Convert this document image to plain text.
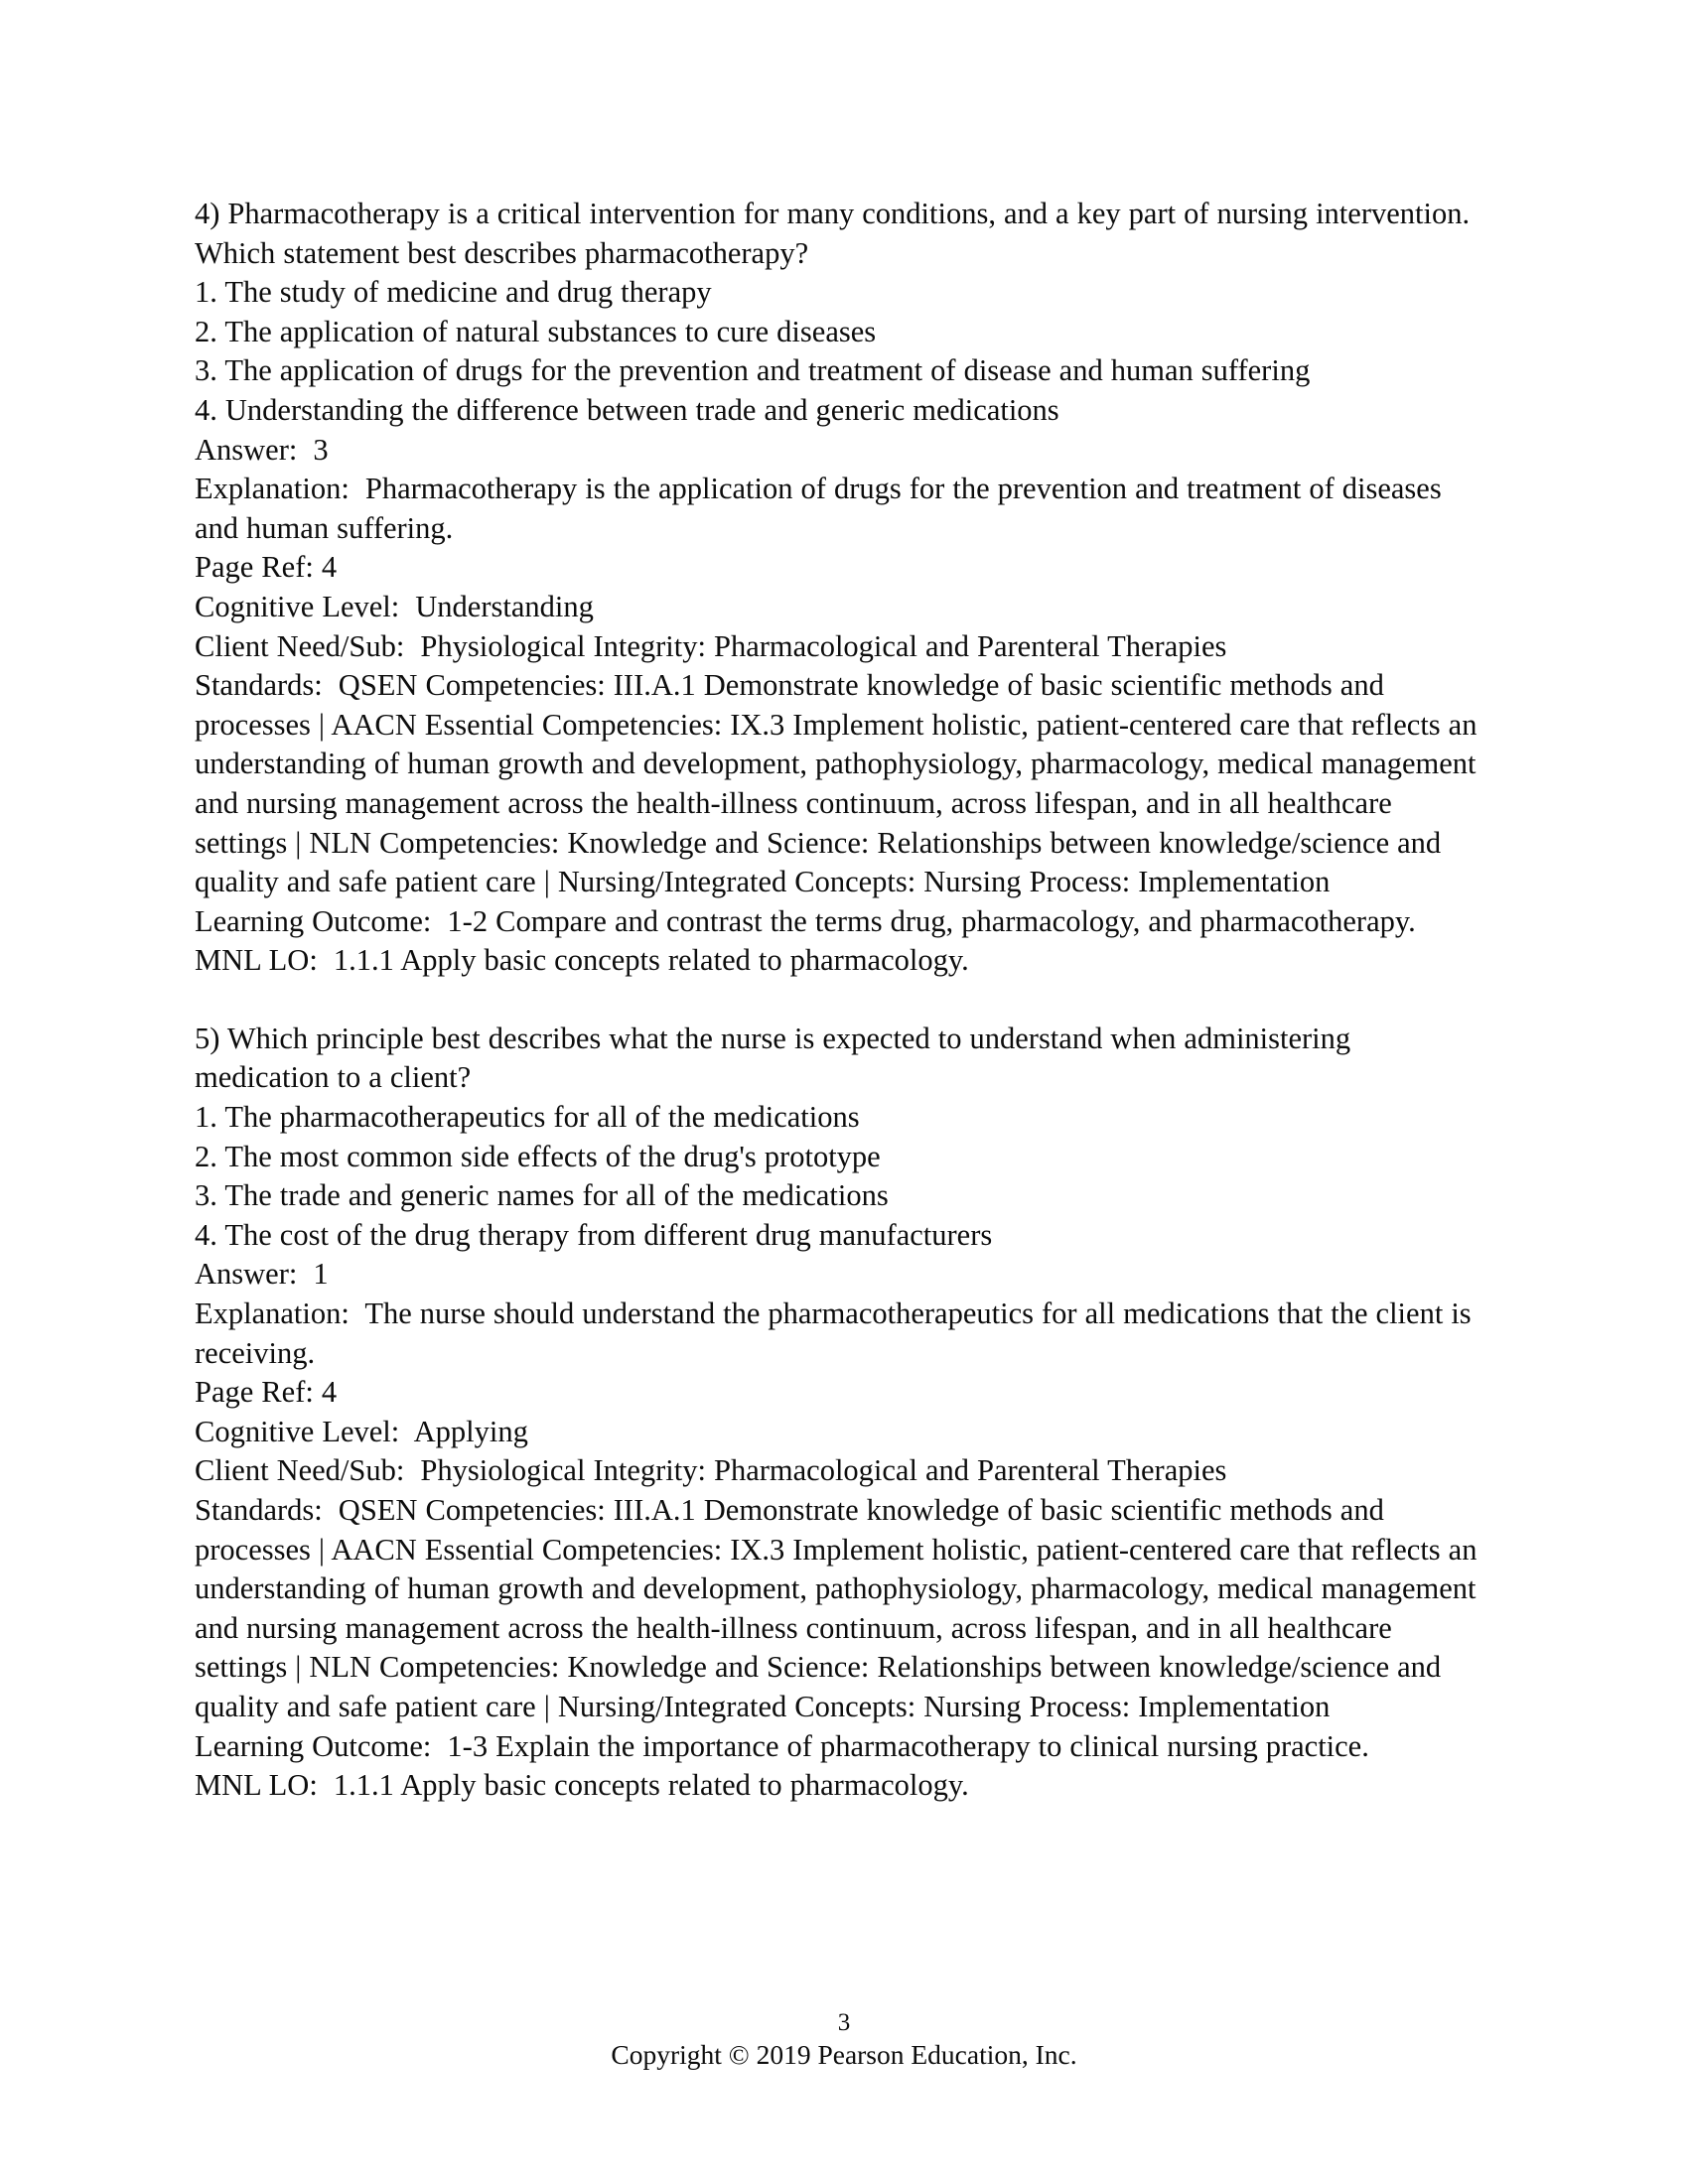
4) Pharmacotherapy is a critical intervention for many conditions, and a key part of nursing intervention. Which statement best describes pharmacotherapy?
1. The study of medicine and drug therapy
2. The application of natural substances to cure diseases
3. The application of drugs for the prevention and treatment of disease and human suffering
4. Understanding the difference between trade and generic medications
Answer:  3
Explanation:  Pharmacotherapy is the application of drugs for the prevention and treatment of diseases and human suffering.
Page Ref: 4
Cognitive Level:  Understanding
Client Need/Sub:  Physiological Integrity: Pharmacological and Parenteral Therapies
Standards:  QSEN Competencies: III.A.1 Demonstrate knowledge of basic scientific methods and processes | AACN Essential Competencies: IX.3 Implement holistic, patient-centered care that reflects an understanding of human growth and development, pathophysiology, pharmacology, medical management and nursing management across the health-illness continuum, across lifespan, and in all healthcare settings | NLN Competencies: Knowledge and Science: Relationships between knowledge/science and quality and safe patient care | Nursing/Integrated Concepts: Nursing Process: Implementation
Learning Outcome:  1-2 Compare and contrast the terms drug, pharmacology, and pharmacotherapy.
MNL LO:  1.1.1 Apply basic concepts related to pharmacology.
5) Which principle best describes what the nurse is expected to understand when administering medication to a client?
1. The pharmacotherapeutics for all of the medications
2. The most common side effects of the drug's prototype
3. The trade and generic names for all of the medications
4. The cost of the drug therapy from different drug manufacturers
Answer:  1
Explanation:  The nurse should understand the pharmacotherapeutics for all medications that the client is receiving.
Page Ref: 4
Cognitive Level:  Applying
Client Need/Sub:  Physiological Integrity: Pharmacological and Parenteral Therapies
Standards:  QSEN Competencies: III.A.1 Demonstrate knowledge of basic scientific methods and processes | AACN Essential Competencies: IX.3 Implement holistic, patient-centered care that reflects an understanding of human growth and development, pathophysiology, pharmacology, medical management and nursing management across the health-illness continuum, across lifespan, and in all healthcare settings | NLN Competencies: Knowledge and Science: Relationships between knowledge/science and quality and safe patient care | Nursing/Integrated Concepts: Nursing Process: Implementation
Learning Outcome:  1-3 Explain the importance of pharmacotherapy to clinical nursing practice.
MNL LO:  1.1.1 Apply basic concepts related to pharmacology.
3
Copyright © 2019 Pearson Education, Inc.
